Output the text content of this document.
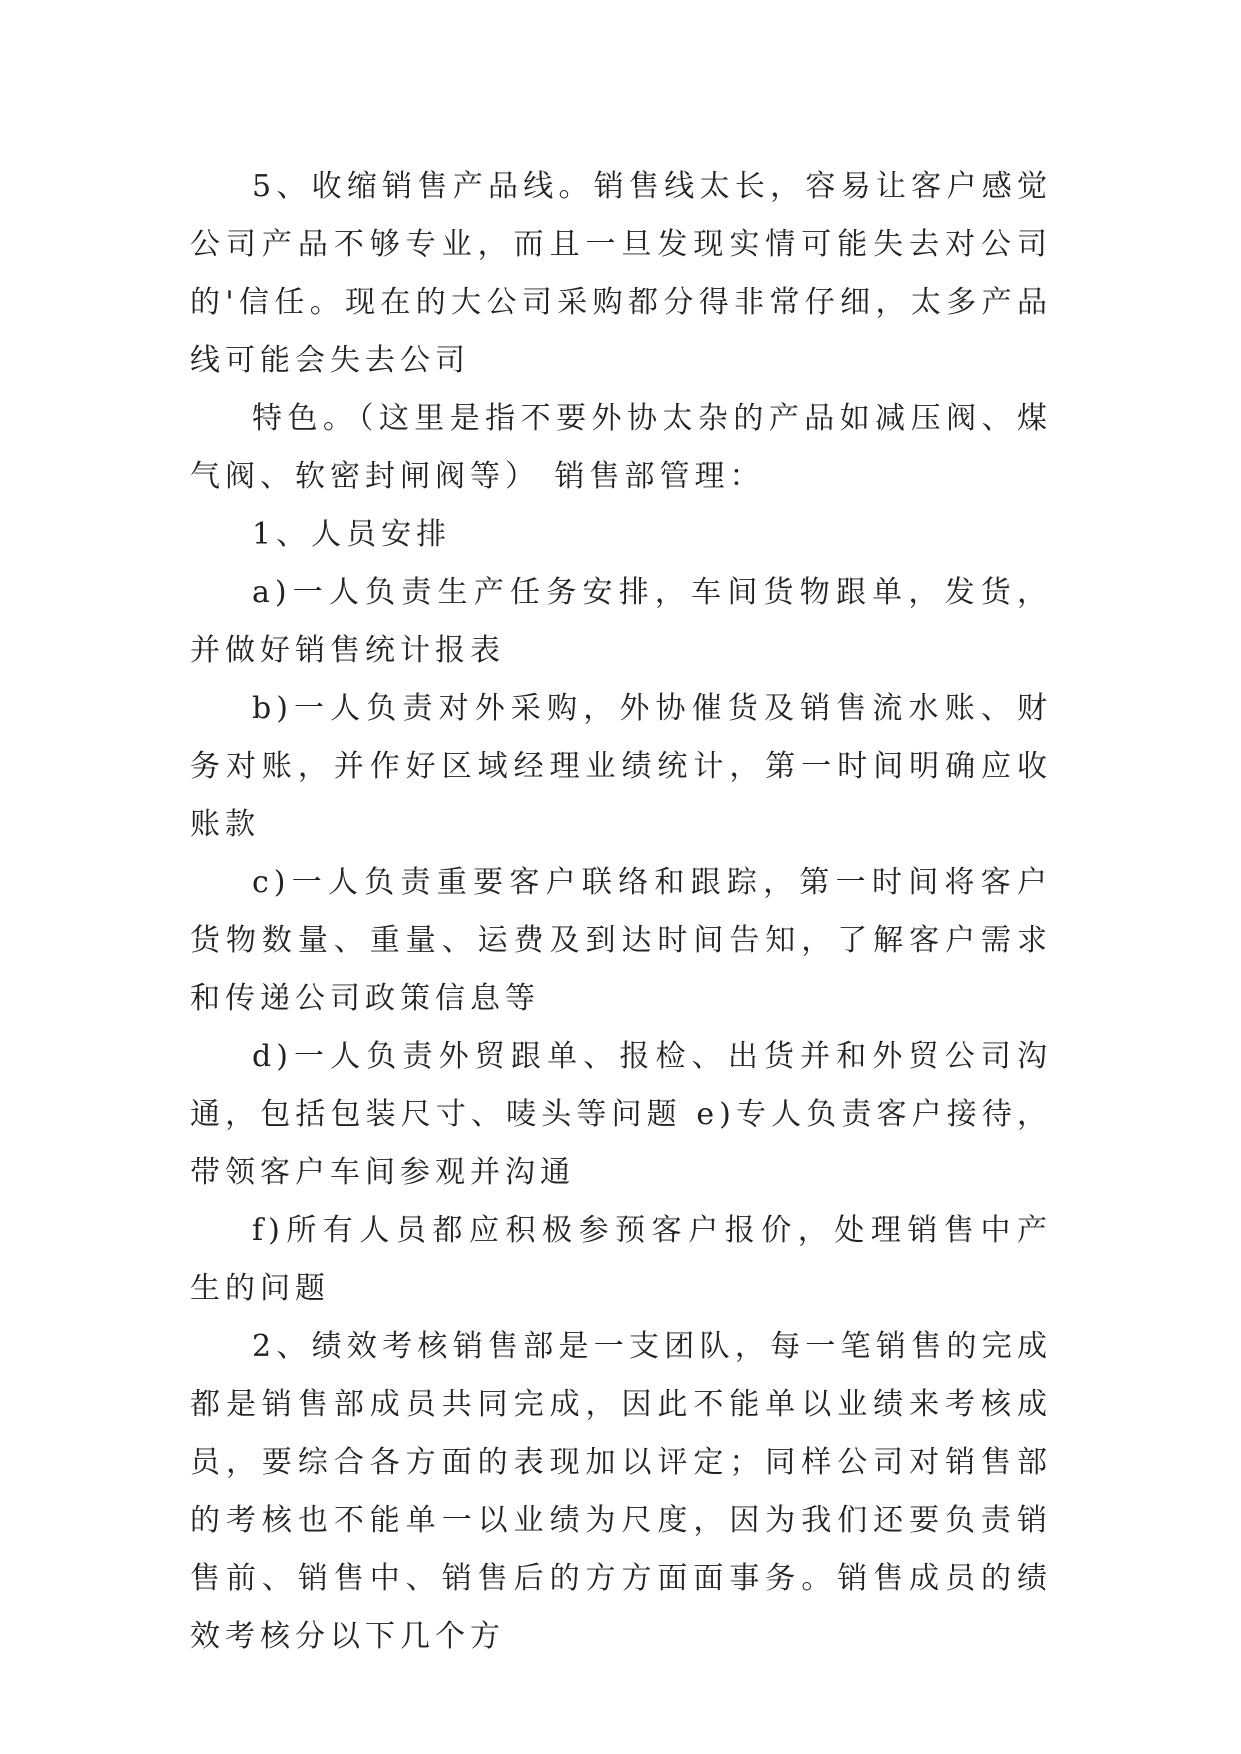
5、收缩销售产品线。销售线太长，容易让客户感觉公司产品不够专业，而且一旦发现实情可能失去对公司的'信任。现在的大公司采购都分得非常仔细，太多产品线可能会失去公司

特色。（这里是指不要外协太杂的产品如减压阀、煤气阀、软密封闸阀等） 销售部管理：

1、人员安排

a)一人负责生产任务安排，车间货物跟单，发货，并做好销售统计报表

b)一人负责对外采购，外协催货及销售流水账、财务对账，并作好区域经理业绩统计，第一时间明确应收账款

c)一人负责重要客户联络和跟踪，第一时间将客户货物数量、重量、运费及到达时间告知，了解客户需求和传递公司政策信息等

d)一人负责外贸跟单、报检、出货并和外贸公司沟通，包括包装尺寸、唛头等问题 e)专人负责客户接待，带领客户车间参观并沟通

f)所有人员都应积极参预客户报价，处理销售中产生的问题

2、绩效考核销售部是一支团队，每一笔销售的完成都是销售部成员共同完成，因此不能单以业绩来考核成员，要综合各方面的表现加以评定；同样公司对销售部的考核也不能单一以业绩为尺度，因为我们还要负责销售前、销售中、销售后的方方面面事务。销售成员的绩效考核分以下几个方
